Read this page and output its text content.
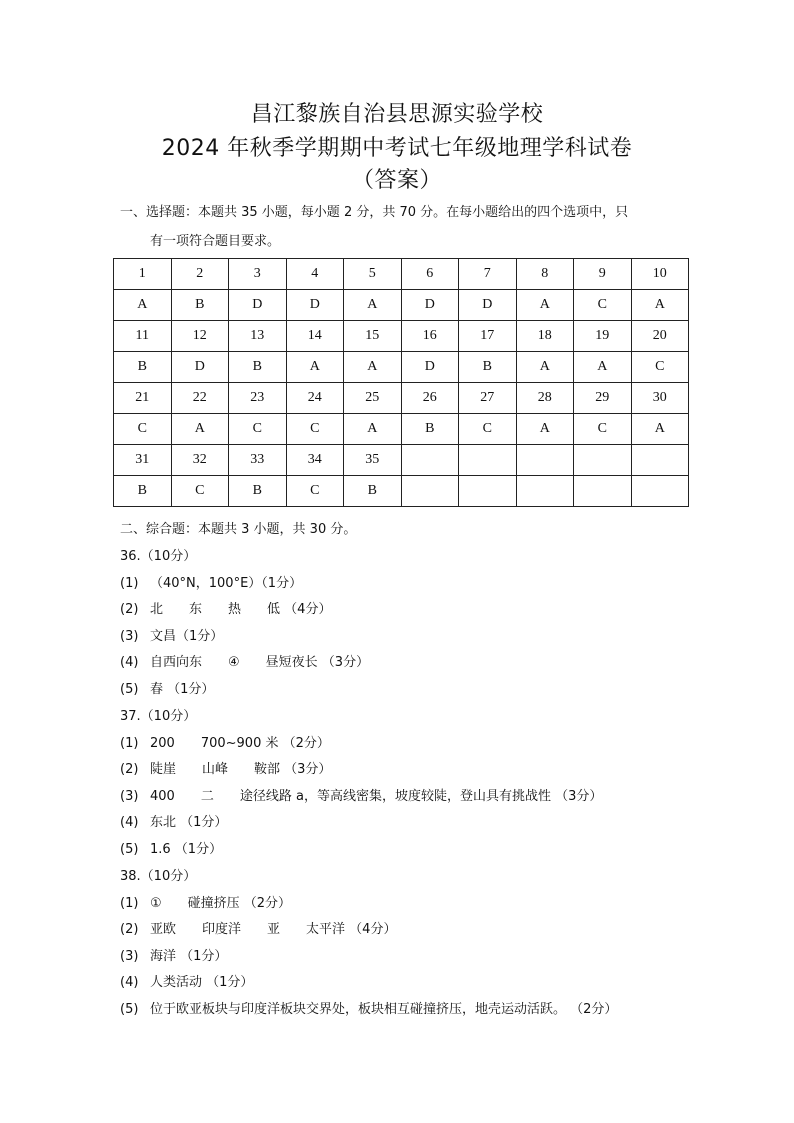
昌江黎族自治县思源实验学校
2024 年秋季学期期中考试七年级地理学科试卷
（答案）
一、选择题：本题共 35 小题，每小题 2 分，共 70 分。在每小题给出的四个选项中，只
有一项符合题目要求。
1	2	3	4	5	6	7	8	9	10
A	B	D	D	A	D	D	A	C	A
11	12	13	14	15	16	17	18	19	20
B	D	B	A	A	D	B	A	A	C
21	22	23	24	25	26	27	28	29	30
C	A	C	C	A	B	C	A	C	A
31	32	33	34	35					
B	C	B	C	B					
二、综合题：本题共 3 小题，共 30 分。
36.（10分）
(1) （40°N，100°E）（1分）
(2) 北 东 热 低 （4分）
(3) 文昌（1分）
(4) 自西向东 ④ 昼短夜长 （3分）
(5) 春 （1分）
37.（10分）
(1) 200 700~900 米 （2分）
(2) 陡崖 山峰 鞍部 （3分）
(3) 400 二 途径线路 a，等高线密集，坡度较陡，登山具有挑战性 （3分）
(4) 东北 （1分）
(5) 1.6 （1分）
38.（10分）
(1) ① 碰撞挤压 （2分）
(2) 亚欧 印度洋 亚 太平洋 （4分）
(3) 海洋 （1分）
(4) 人类活动 （1分）
(5) 位于欧亚板块与印度洋板块交界处，板块相互碰撞挤压，地壳运动活跃。 （2分）
